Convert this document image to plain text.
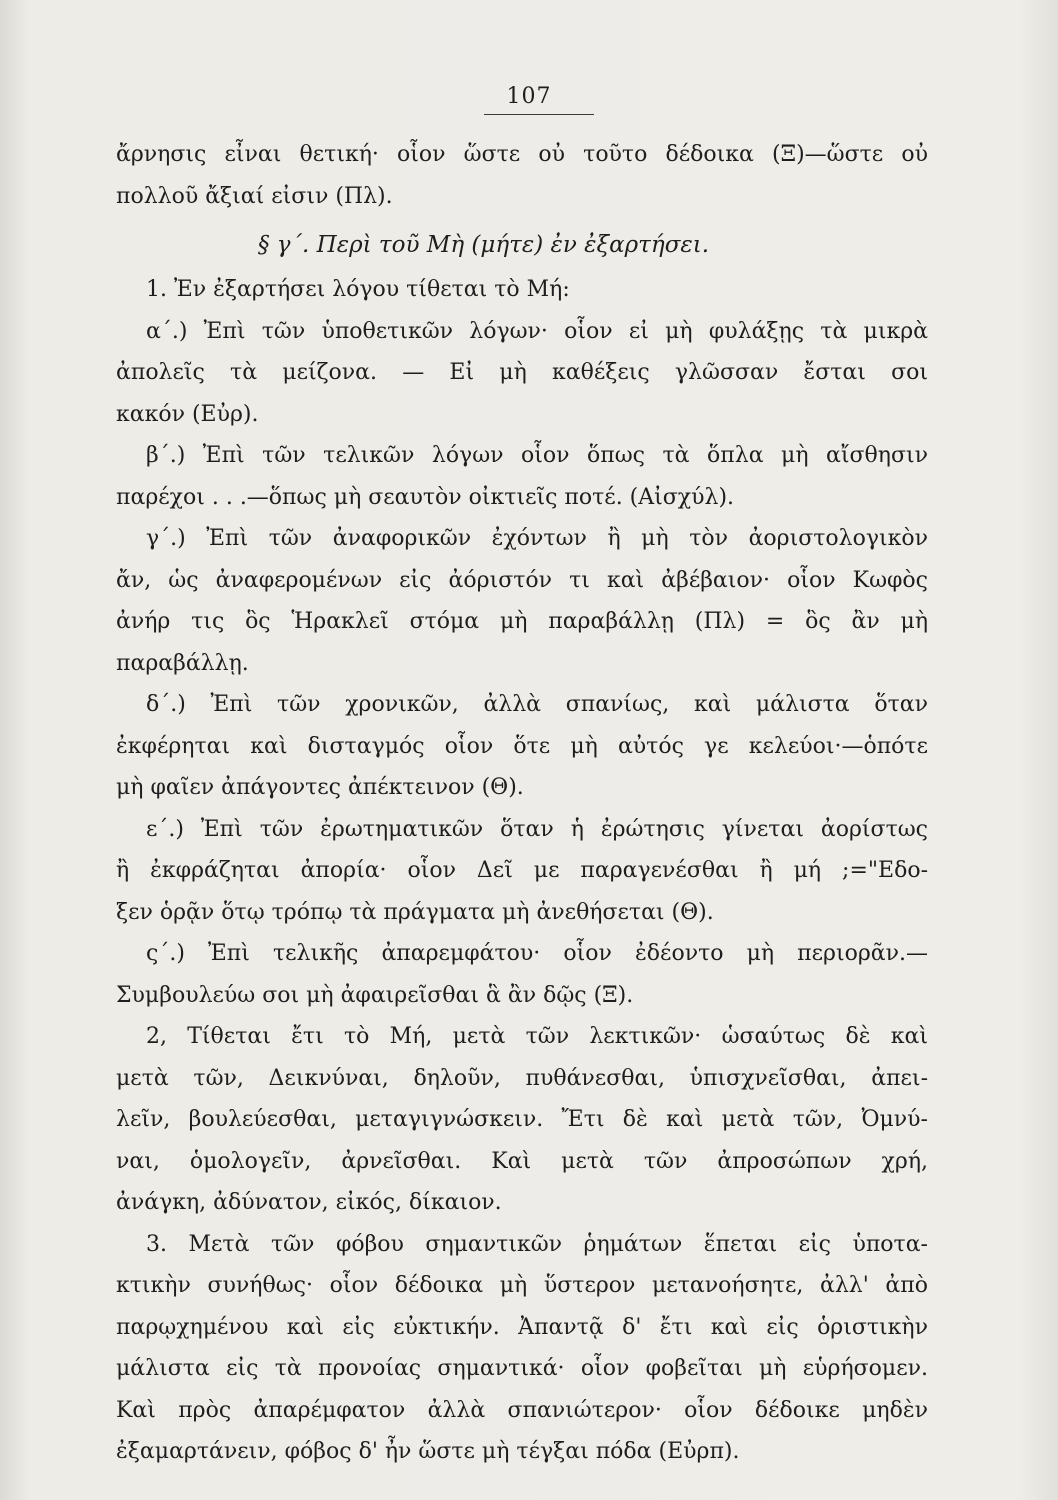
107
ἄρνησις εἶναι θετική· οἷον ὥστε οὐ τοῦτο δέδοικα (Ξ)—ὥστε οὐ
πολλοῦ ἄξιαί εἰσιν (Πλ).
§ γ΄. Περὶ τοῦ Μὴ (μήτε) ἐν ἐξαρτήσει.
1. Ἐν ἐξαρτήσει λόγου τίθεται τὸ Μή:
α΄.) Ἐπὶ τῶν ὑποθετικῶν λόγων· οἷον εἰ μὴ φυλάξῃς τὰ μικρὰ
ἀπολεῖς τὰ μείζονα. — Εἰ μὴ καθέξεις γλῶσσαν ἔσται σοι
κακόν (Εὐρ).
β΄.) Ἐπὶ τῶν τελικῶν λόγων οἷον ὅπως τὰ ὅπλα μὴ αἴσθησιν
παρέχοι . . .—ὅπως μὴ σεαυτὸν οἰκτιεῖς ποτέ. (Αἰσχύλ).
γ΄.) Ἐπὶ τῶν ἀναφορικῶν ἐχόντων ἢ μὴ τὸν ἀοριστολογικὸν
ἄν, ὡς ἀναφερομένων εἰς ἀόριστόν τι καὶ ἀβέβαιον· οἷον Κωφὸς
ἀνήρ τις ὃς Ἡρακλεῖ στόμα μὴ παραβάλλῃ (Πλ) = ὃς ἂν μὴ
παραβάλλῃ.
δ΄.) Ἐπὶ τῶν χρονικῶν, ἀλλὰ σπανίως, καὶ μάλιστα ὅταν
ἐκφέρηται καὶ δισταγμός οἷον ὅτε μὴ αὐτός γε κελεύοι·—ὁπότε
μὴ φαῖεν ἀπάγοντες ἀπέκτεινον (Θ).
ε΄.) Ἐπὶ τῶν ἐρωτηματικῶν ὅταν ἡ ἐρώτησις γίνεται ἀορίστως
ἢ ἐκφράζηται ἀπορία· οἷον Δεῖ με παραγενέσθαι ἢ μή ;="Εδο-
ξεν ὁρᾷν ὅτῳ τρόπῳ τὰ πράγματα μὴ ἀνεθήσεται (Θ).
ς΄.) Ἐπὶ τελικῆς ἀπαρεμφάτου· οἷον ἐδέοντο μὴ περιορᾶν.—
Συμβουλεύω σοι μὴ ἀφαιρεῖσθαι ἃ ἂν δῷς (Ξ).
2, Τίθεται ἔτι τὸ Μή, μετὰ τῶν λεκτικῶν· ὡσαύτως δὲ καὶ
μετὰ τῶν, Δεικνύναι, δηλοῦν, πυθάνεσθαι, ὑπισχνεῖσθαι, ἀπει-
λεῖν, βουλεύεσθαι, μεταγιγνώσκειν. Ἔτι δὲ καὶ μετὰ τῶν, Ὀμνύ-
ναι, ὁμολογεῖν, ἀρνεῖσθαι. Καὶ μετὰ τῶν ἀπροσώπων χρή,
ἀνάγκη, ἀδύνατον, εἰκός, δίκαιον.
3. Μετὰ τῶν φόβου σημαντικῶν ῥημάτων ἕπεται εἰς ὑποτα-
κτικὴν συνήθως· οἷον δέδοικα μὴ ὕστερον μετανοήσητε, ἀλλ' ἀπὸ
παρῳχημένου καὶ εἰς εὐκτικήν. Ἀπαντᾷ δ' ἔτι καὶ εἰς ὁριστικὴν
μάλιστα εἰς τὰ προνοίας σημαντικά· οἷον φοβεῖται μὴ εὑρήσομεν.
Καὶ πρὸς ἀπαρέμφατον ἀλλὰ σπανιώτερον· οἷον δέδοικε μηδὲν
ἐξαμαρτάνειν, φόβος δ' ἦν ὥστε μὴ τέγξαι πόδα (Εὐρπ).
